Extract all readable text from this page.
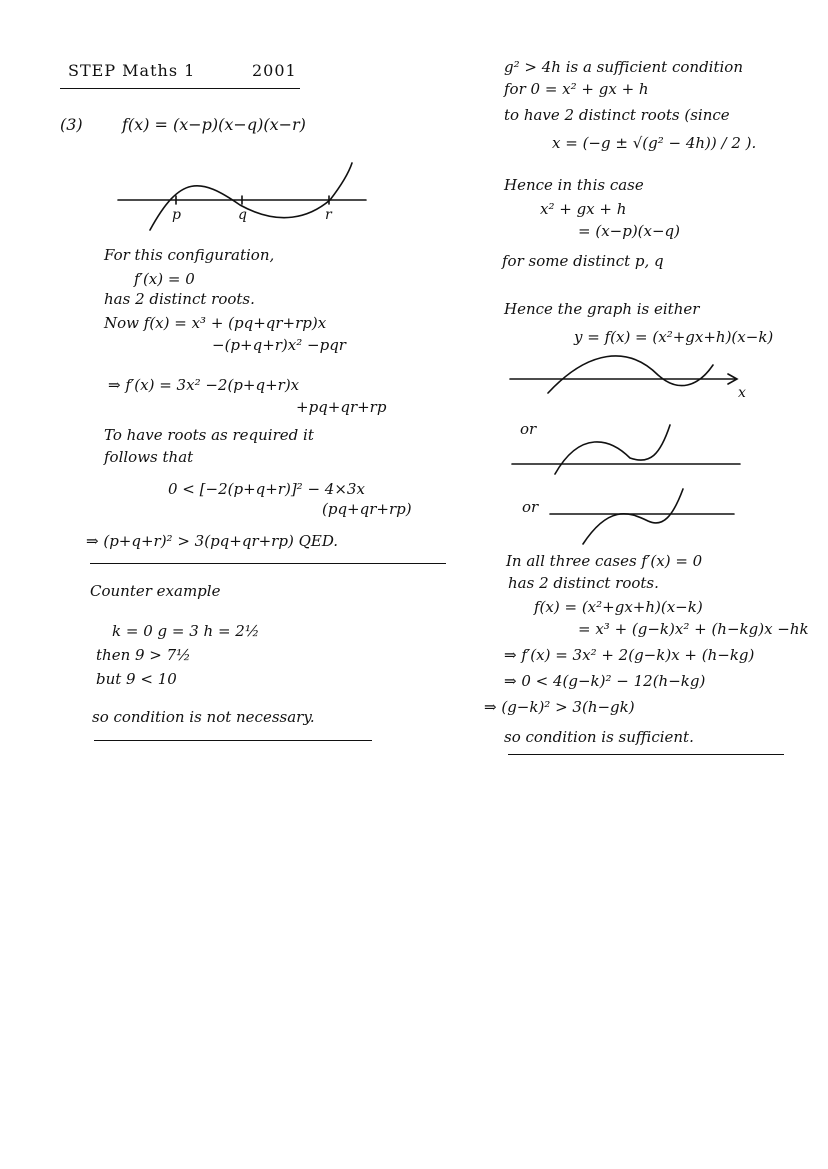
STEP Maths 1	2001
(3) f(x) = (x−p)(x−q)(x−r)
p	q	r
For this configuration,
f′(x) = 0
has 2 distinct roots.
Now f(x) = x³ + (pq+qr+rp)x
−(p+q+r)x² −pqr
⇒ f′(x) = 3x² −2(p+q+r)x
+pq+qr+rp
To have roots as required it
follows that
0 < [−2(p+q+r)]² − 4×3x
(pq+qr+rp)
⇒ (p+q+r)² > 3(pq+qr+rp) QED.
Counter example
k = 0 g = 3 h = 2½
then 9 > 7½
but 9 < 10
so condition is not necessary.
g² > 4h is a sufficient condition
for 0 = x² + gx + h
to have 2 distinct roots (since
x = (−g ± √(g² − 4h)) / 2 ).
Hence in this case
x² + gx + h
= (x−p)(x−q)
for some distinct p, q
Hence the graph is either
y = f(x) = (x²+gx+h)(x−k)
x
or
or
In all three cases f′(x) = 0
has 2 distinct roots.
f(x) = (x²+gx+h)(x−k)
= x³ + (g−k)x² + (h−kg)x −hk
⇒ f′(x) = 3x² + 2(g−k)x + (h−kg)
⇒ 0 < 4(g−k)² − 12(h−kg)
⇒ (g−k)² > 3(h−gk)
so condition is sufficient.
